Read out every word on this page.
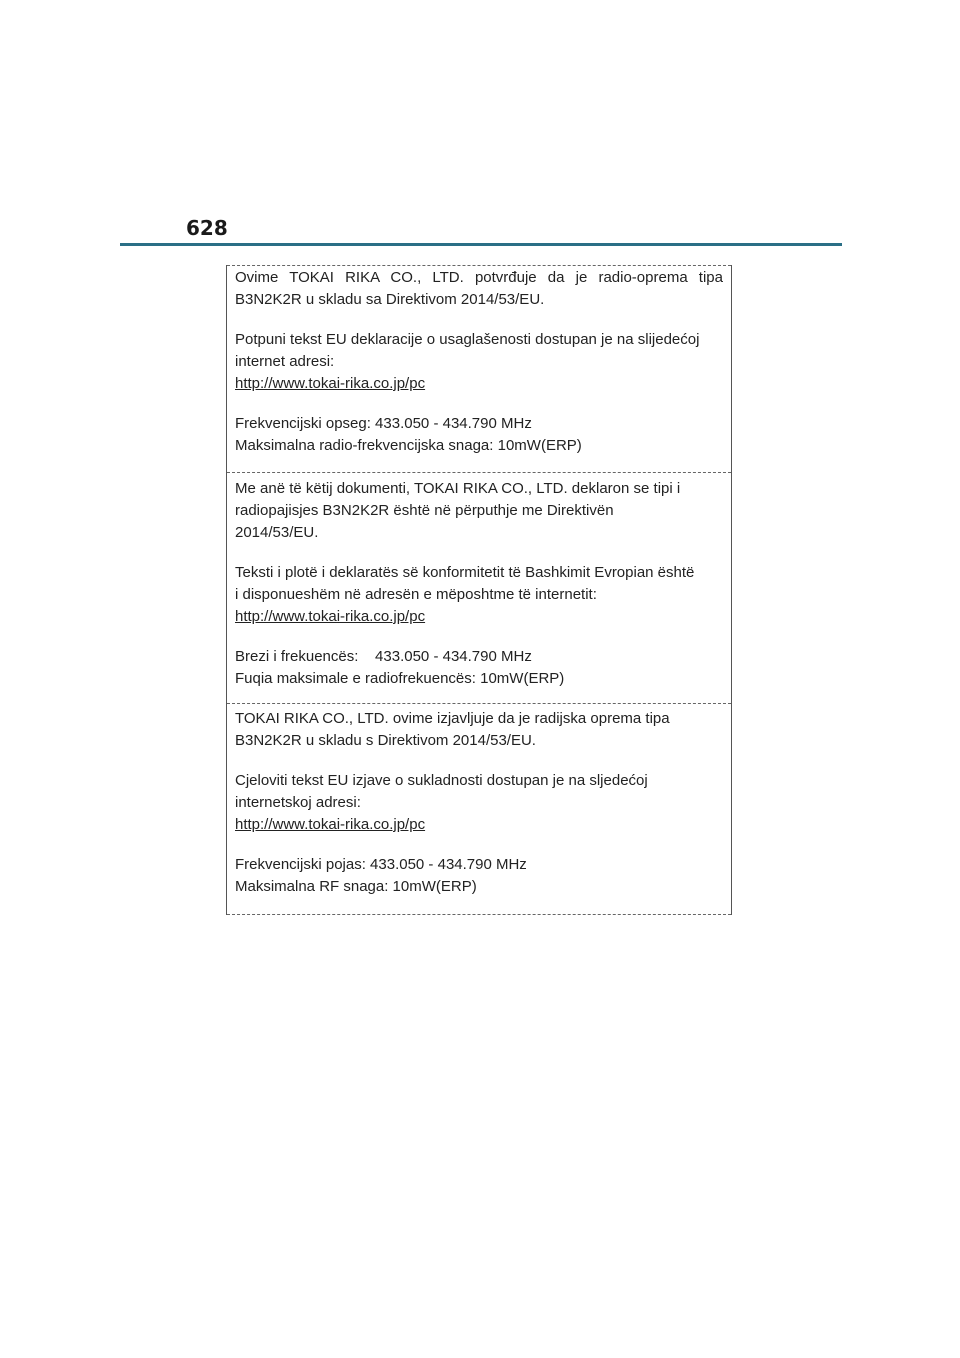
628

Ovime TOKAI RIKA CO., LTD. potvrđuje da je radio-oprema tipa

B3N2K2R u skladu sa Direktivom 2014/53/EU.

Potpuni tekst EU deklaracije o usaglašenosti dostupan je na slijedećoj

internet adresi:

http://www.tokai-rika.co.jp/pc

Frekvencijski opseg: 433.050 - 434.790 MHz

Maksimalna radio-frekvencijska snaga: 10mW(ERP)

Me anë të këtij dokumenti, TOKAI RIKA CO., LTD. deklaron se tipi i

radiopajisjes B3N2K2R është në përputhje me Direktivën

2014/53/EU.

Teksti i plotë i deklaratës së konformitetit të Bashkimit Evropian është

i disponueshëm në adresën e mëposhtme të internetit:

http://www.tokai-rika.co.jp/pc

Brezi i frekuencës:    433.050 - 434.790 MHz

Fuqia maksimale e radiofrekuencës: 10mW(ERP)

TOKAI RIKA CO., LTD. ovime izjavljuje da je radijska oprema tipa

B3N2K2R u skladu s Direktivom 2014/53/EU.

Cjeloviti tekst EU izjave o sukladnosti dostupan je na sljedećoj

internetskoj adresi:

http://www.tokai-rika.co.jp/pc

Frekvencijski pojas: 433.050 - 434.790 MHz

Maksimalna RF snaga: 10mW(ERP)
